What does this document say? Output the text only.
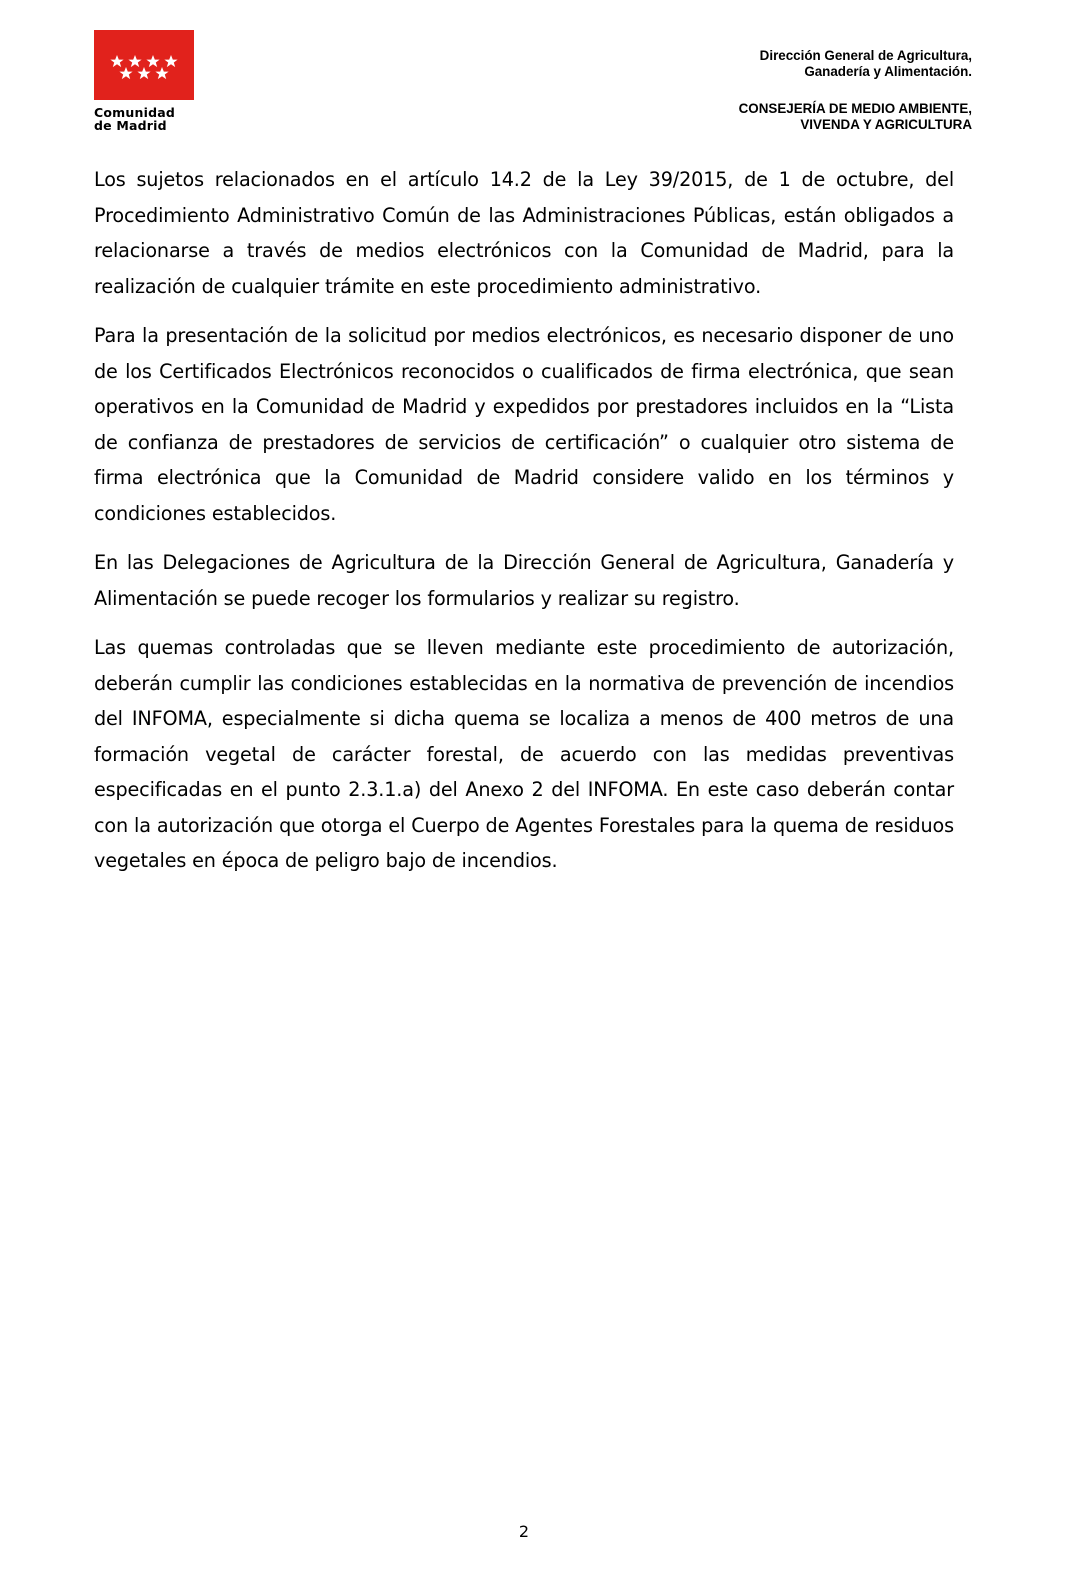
Comunidad
de Madrid
Dirección General de Agricultura,
Ganadería y Alimentación.
CONSEJERÍA DE MEDIO AMBIENTE,
VIVENDA Y AGRICULTURA

Los sujetos relacionados en el artículo 14.2 de la Ley 39/2015, de 1 de octubre, del Procedimiento Administrativo Común de las Administraciones Públicas, están obligados a relacionarse a través de medios electrónicos con la Comunidad de Madrid, para la realización de cualquier trámite en este procedimiento administrativo.

Para la presentación de la solicitud por medios electrónicos, es necesario disponer de uno de los Certificados Electrónicos reconocidos o cualificados de firma electrónica, que sean operativos en la Comunidad de Madrid y expedidos por prestadores incluidos en la “Lista de confianza de prestadores de servicios de certificación” o cualquier otro sistema de firma electrónica que la Comunidad de Madrid considere valido en los términos y condiciones establecidos.

En las Delegaciones de Agricultura de la Dirección General de Agricultura, Ganadería y Alimentación se puede recoger los formularios y realizar su registro.

Las quemas controladas que se lleven mediante este procedimiento de autorización, deberán cumplir las condiciones establecidas en la normativa de prevención de incendios del INFOMA, especialmente si dicha quema se localiza a menos de 400 metros de una formación vegetal de carácter forestal, de acuerdo con las medidas preventivas especificadas en el punto 2.3.1.a) del Anexo 2 del INFOMA. En este caso deberán contar con la autorización que otorga el Cuerpo de Agentes Forestales para la quema de residuos vegetales en época de peligro bajo de incendios.

2
